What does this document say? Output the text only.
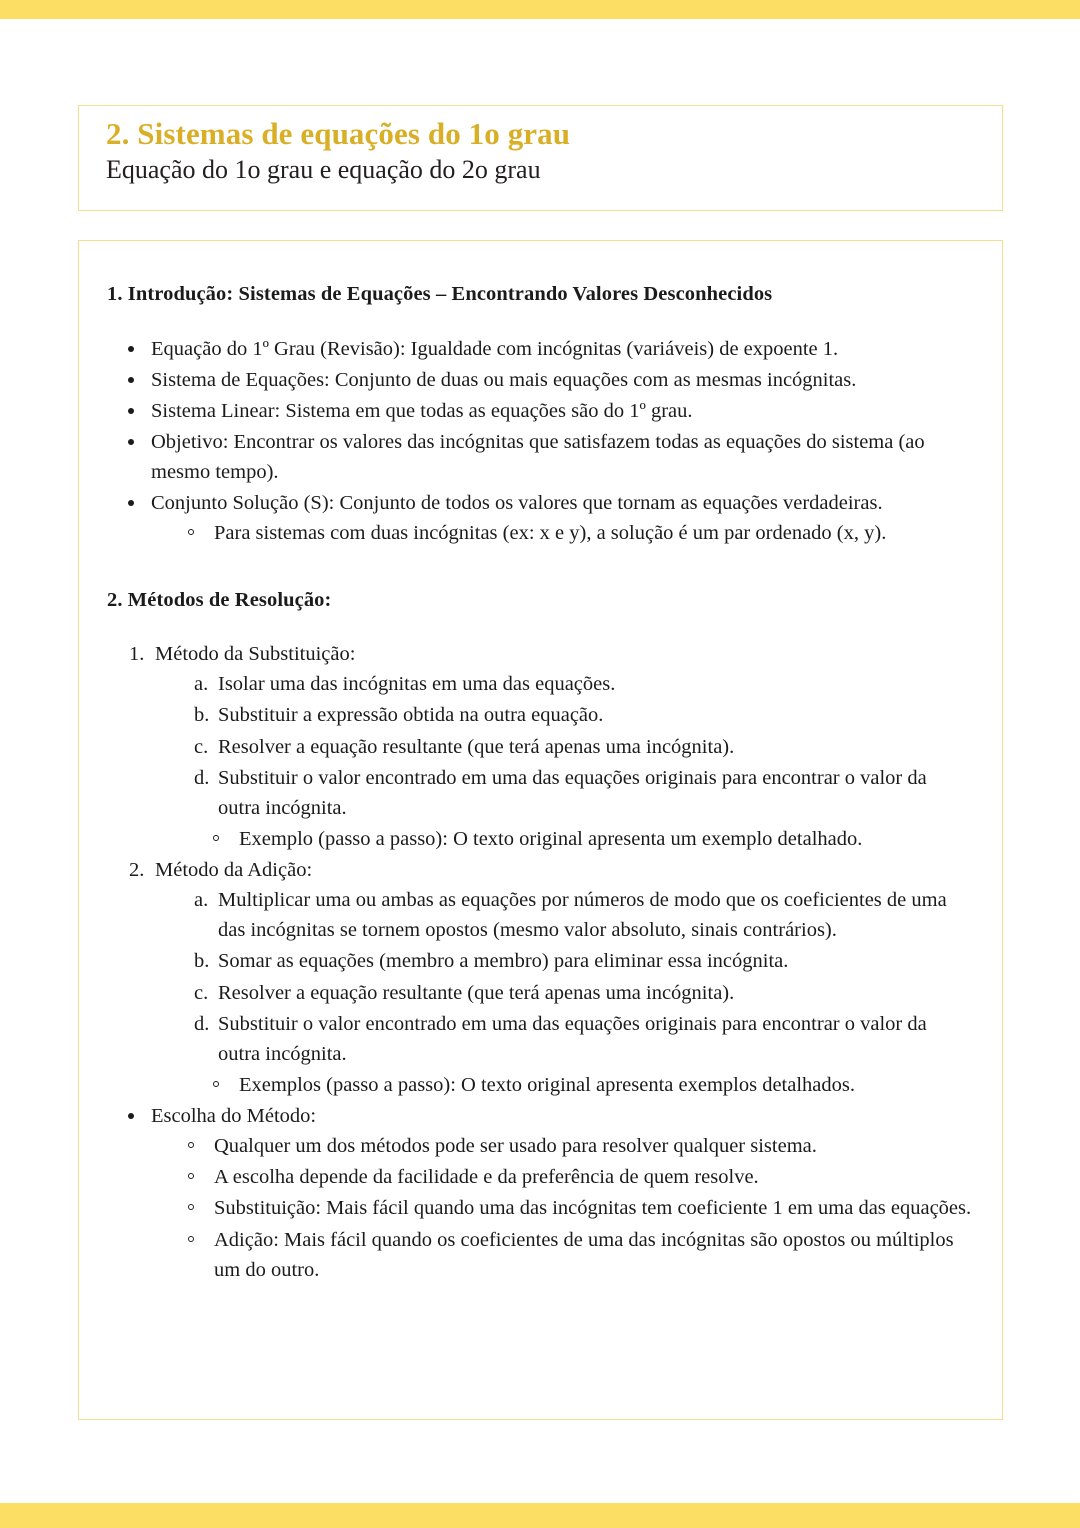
2. Sistemas de equações do 1o grau
Equação do 1o grau e equação do 2o grau
1. Introdução: Sistemas de Equações – Encontrando Valores Desconhecidos
Equação do 1º Grau (Revisão): Igualdade com incógnitas (variáveis) de expoente 1.
Sistema de Equações: Conjunto de duas ou mais equações com as mesmas incógnitas.
Sistema Linear: Sistema em que todas as equações são do 1º grau.
Objetivo: Encontrar os valores das incógnitas que satisfazem todas as equações do sistema (ao mesmo tempo).
Conjunto Solução (S): Conjunto de todos os valores que tornam as equações verdadeiras.
Para sistemas com duas incógnitas (ex: x e y), a solução é um par ordenado (x, y).
2. Métodos de Resolução:
1. Método da Substituição:
a. Isolar uma das incógnitas em uma das equações.
b. Substituir a expressão obtida na outra equação.
c. Resolver a equação resultante (que terá apenas uma incógnita).
d. Substituir o valor encontrado em uma das equações originais para encontrar o valor da outra incógnita.
Exemplo (passo a passo): O texto original apresenta um exemplo detalhado.
2. Método da Adição:
a. Multiplicar uma ou ambas as equações por números de modo que os coeficientes de uma das incógnitas se tornem opostos (mesmo valor absoluto, sinais contrários).
b. Somar as equações (membro a membro) para eliminar essa incógnita.
c. Resolver a equação resultante (que terá apenas uma incógnita).
d. Substituir o valor encontrado em uma das equações originais para encontrar o valor da outra incógnita.
Exemplos (passo a passo): O texto original apresenta exemplos detalhados.
Escolha do Método:
Qualquer um dos métodos pode ser usado para resolver qualquer sistema.
A escolha depende da facilidade e da preferência de quem resolve.
Substituição: Mais fácil quando uma das incógnitas tem coeficiente 1 em uma das equações.
Adição: Mais fácil quando os coeficientes de uma das incógnitas são opostos ou múltiplos um do outro.
